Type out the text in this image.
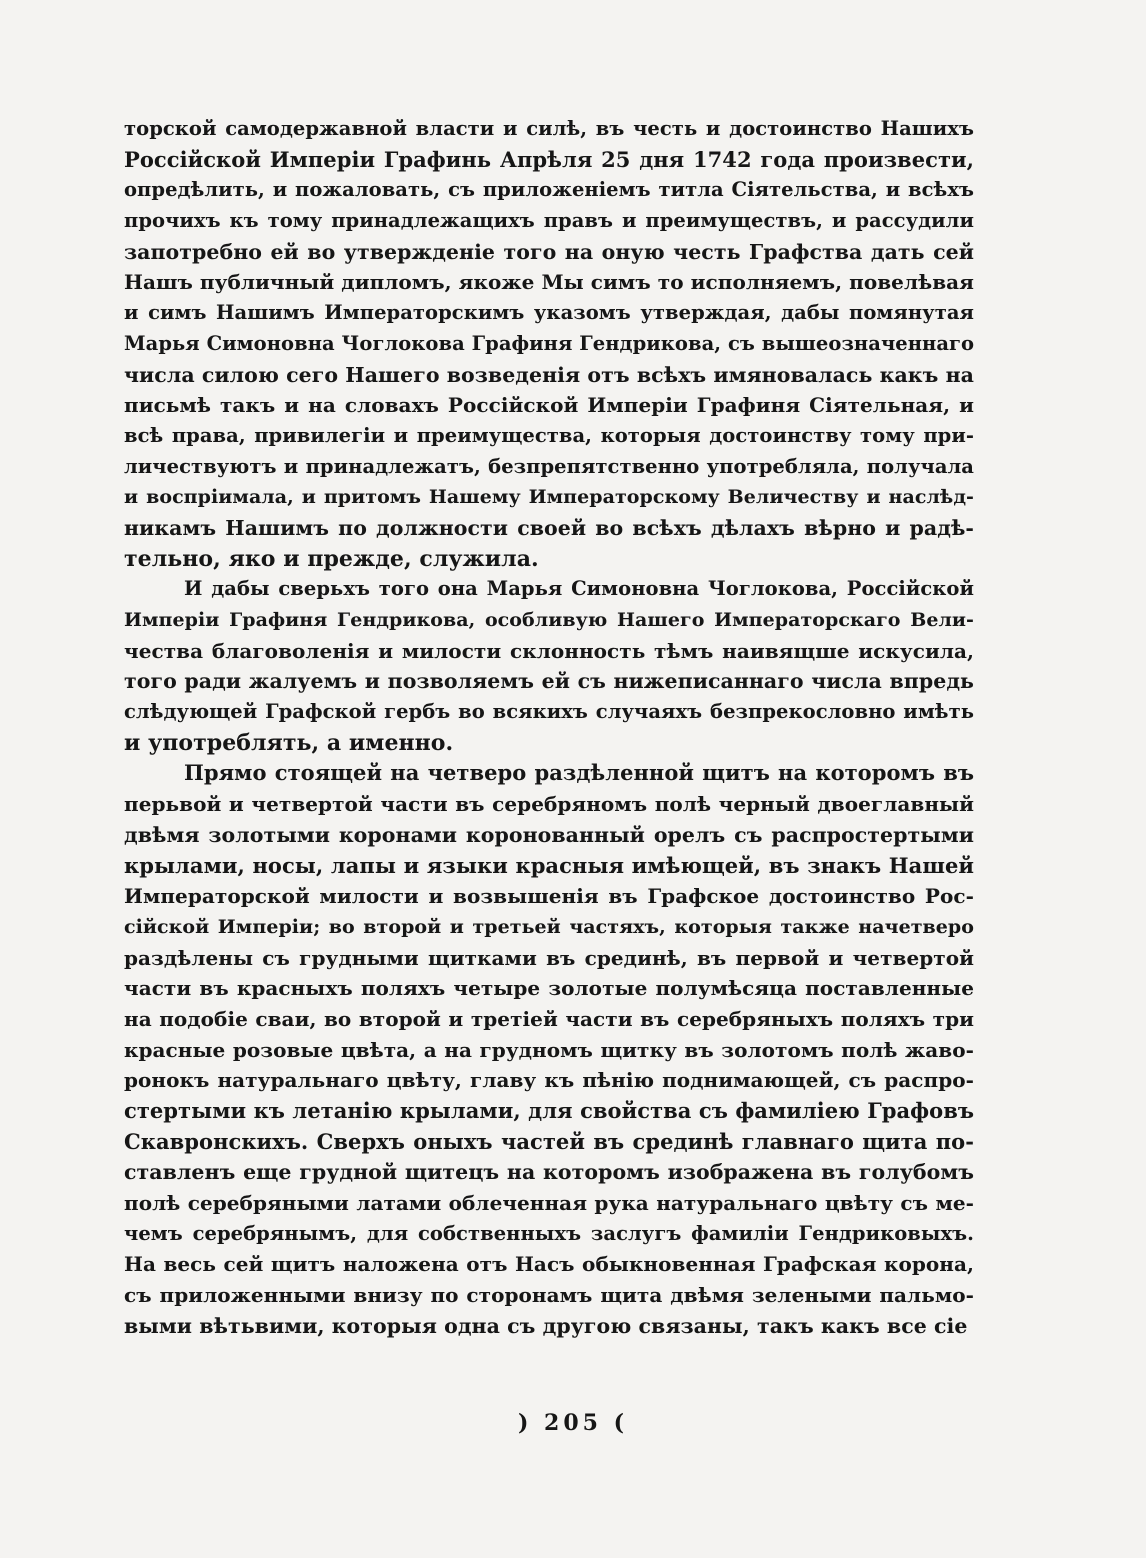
торской самодержавной власти и силѣ, въ честь и достоинство Нашихъ
Россійской Имперіи Графинь Апрѣля 25 дня 1742 года произвести,
опредѣлить, и пожаловать, съ приложеніемъ титла Сіятельства, и всѣхъ
прочихъ къ тому принадлежащихъ правъ и преимуществъ, и рассудили
запотребно ей во утвержденіе того на оную честь Графства дать сей
Нашъ публичный дипломъ, якоже Мы симъ то исполняемъ, повелѣвая
и симъ Нашимъ Императорскимъ указомъ утверждая, дабы помянутая
Марья Симоновна Чоглокова Графиня Гендрикова, съ вышеозначеннаго
числа силою сего Нашего возведенія отъ всѣхъ имяновалась какъ на
письмѣ такъ и на словахъ Россійской Имперіи Графиня Сіятельная, и
всѣ права, привилегіи и преимущества, которыя достоинству тому при-
личествуютъ и принадлежатъ, безпрепятственно употребляла, получала
и воспріимала, и притомъ Нашему Императорскому Величеству и наслѣд-
никамъ Нашимъ по должности своей во всѣхъ дѣлахъ вѣрно и радѣ-
тельно, яко и прежде, служила.
И дабы сверьхъ того она Марья Симоновна Чоглокова, Россійской
Имперіи Графиня Гендрикова, особливую Нашего Императорскаго Вели-
чества благоволенія и милости склонность тѣмъ наивящше искусила,
того ради жалуемъ и позволяемъ ей съ нижеписаннаго числа впредь
слѣдующей Графской гербъ во всякихъ случаяхъ безпрекословно имѣть
и употреблять, а именно.
Прямо стоящей на четверо раздѣленной щитъ на которомъ въ
перьвой и четвертой части въ серебряномъ полѣ черный двоеглавный
двѣмя золотыми коронами коронованный орелъ съ распростертыми
крылами, носы, лапы и языки красныя имѣющей, въ знакъ Нашей
Императорской милости и возвышенія въ Графское достоинство Рос-
сійской Имперіи; во второй и третьей частяхъ, которыя также начетверо
раздѣлены съ грудными щитками въ срединѣ, въ первой и четвертой
части въ красныхъ поляхъ четыре золотые полумѣсяца поставленные
на подобіе сваи, во второй и третіей части въ серебряныхъ поляхъ три
красные розовые цвѣта, а на грудномъ щитку въ золотомъ полѣ жаво-
ронокъ натуральнаго цвѣту, главу къ пѣнію поднимающей, съ распро-
стертыми къ летанію крылами, для свойства съ фамиліею Графовъ
Скавронскихъ. Сверхъ оныхъ частей въ срединѣ главнаго щита по-
ставленъ еще грудной щитецъ на которомъ изображена въ голубомъ
полѣ серебряными латами облеченная рука натуральнаго цвѣту съ ме-
чемъ серебрянымъ, для собственныхъ заслугъ фамиліи Гендриковыхъ.
На весь сей щитъ наложена отъ Насъ обыкновенная Графская корона,
съ приложенными внизу по сторонамъ щита двѣмя зелеными пальмо-
выми вѣтьвими, которыя одна съ другою связаны, такъ какъ все сіе
) 205 (
